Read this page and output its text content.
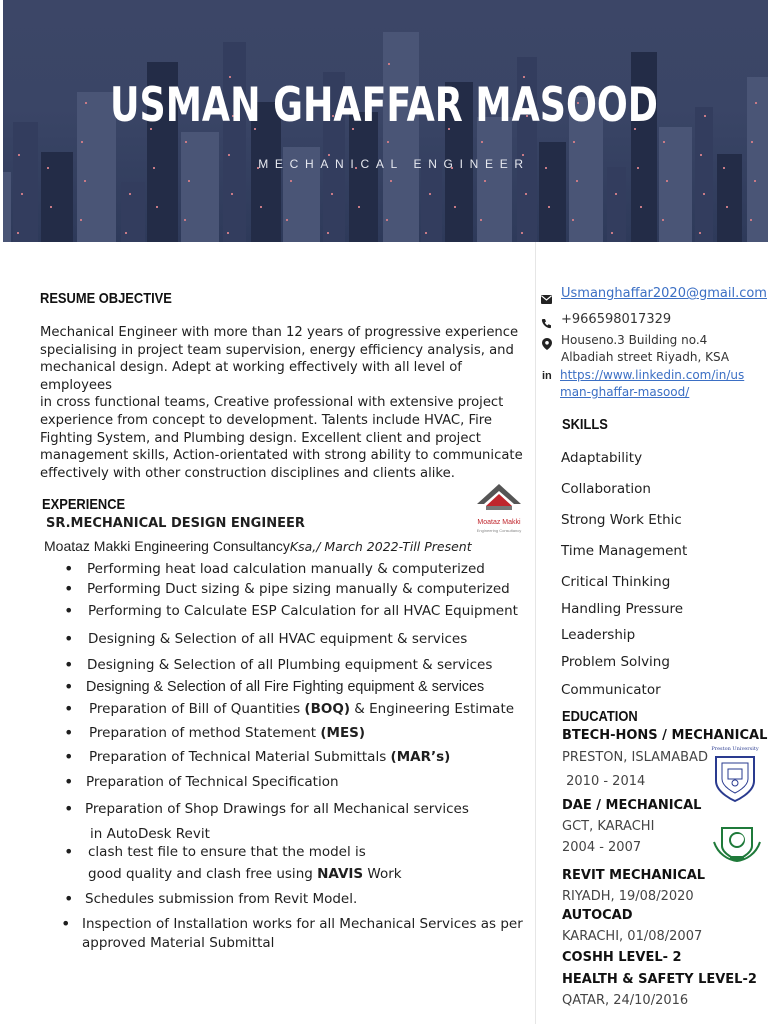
USMAN GHAFFAR MASOOD
MECHANICAL ENGINEER
RESUME OBJECTIVE
Mechanical Engineer with more than 12 years of progressive experience
specialising in project team supervision, energy efficiency analysis, and
mechanical design. Adept at working effectively with all level of employees
in cross functional teams, Creative professional with extensive project
experience from concept to development. Talents include HVAC, Fire
Fighting System, and Plumbing design. Excellent client and project
management skills, Action-orientated with strong ability to communicate
effectively with other construction disciplines and clients alike.
EXPERIENCE
SR.MECHANICAL DESIGN ENGINEER
Moataz Makki Engineering ConsultancyKsa,/ March 2022-Till Present
Moataz Makki
Engineering Consultancy
• Performing heat load calculation manually & computerized
• Performing Duct sizing & pipe sizing manually & computerized
• Performing to Calculate ESP Calculation for all HVAC Equipment
• Designing & Selection of all HVAC equipment & services
• Designing & Selection of all Plumbing equipment & services
• Designing & Selection of all Fire Fighting equipment & services
• Preparation of Bill of Quantities (BOQ) & Engineering Estimate
• Preparation of method Statement (MES)
• Preparation of Technical Material Submittals (MAR’s)
• Preparation of Technical Specification
• Preparation of Shop Drawings for all Mechanical services
• clash test file to ensure that the model is
• Schedules submission from Revit Model.
• Inspection of Installation works for all Mechanical Services as per
in AutoDesk Revit
good quality and clash free using NAVIS Work
approved Material Submittal
Usmanghaffar2020@gmail.com
+966598017329
Houseno.3 Building no.4
Albadiah street Riyadh, KSA
in https://www.linkedin.com/in/us
man-ghaffar-masood/
SKILLS
Adaptability
Collaboration
Strong Work Ethic
Time Management
Critical Thinking
Handling Pressure
Leadership
Problem Solving
Communicator
EDUCATION
BTECH-HONS / MECHANICAL
PRESTON, ISLAMABAD
2010 - 2014
DAE / MECHANICAL
GCT, KARACHI
2004 - 2007
REVIT MECHANICAL
RIYADH, 19/08/2020
AUTOCAD
KARACHI, 01/08/2007
COSHH LEVEL- 2
HEALTH & SAFETY LEVEL-2
QATAR, 24/10/2016
Preston University
